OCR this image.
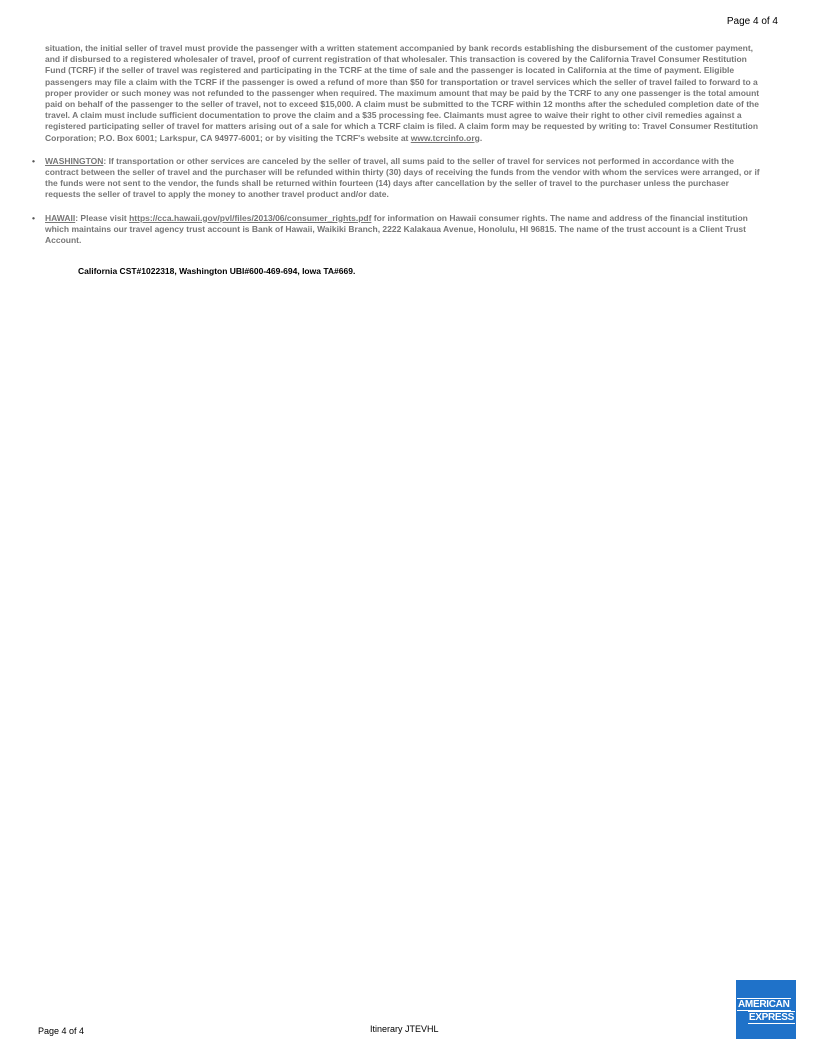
Page 4 of 4

situation, the initial seller of travel must provide the passenger with a written statement accompanied by bank records establishing the disbursement of the customer payment, and if disbursed to a registered wholesaler of travel, proof of current registration of that wholesaler. This transaction is covered by the California Travel Consumer Restitution Fund (TCRF) if the seller of travel was registered and participating in the TCRF at the time of sale and the passenger is located in California at the time of payment. Eligible passengers may file a claim with the TCRF if the passenger is owed a refund of more than $50 for transportation or travel services which the seller of travel failed to forward to a proper provider or such money was not refunded to the passenger when required. The maximum amount that may be paid by the TCRF to any one passenger is the total amount paid on behalf of the passenger to the seller of travel, not to exceed $15,000. A claim must be submitted to the TCRF within 12 months after the scheduled completion date of the travel. A claim must include sufficient documentation to prove the claim and a $35 processing fee. Claimants must agree to waive their right to other civil remedies against a registered participating seller of travel for matters arising out of a sale for which a TCRF claim is filed. A claim form may be requested by writing to: Travel Consumer Restitution Corporation; P.O. Box 6001; Larkspur, CA 94977-6001; or by visiting the TCRF's website at www.tcrcinfo.org.

• WASHINGTON: If transportation or other services are canceled by the seller of travel, all sums paid to the seller of travel for services not performed in accordance with the contract between the seller of travel and the purchaser will be refunded within thirty (30) days of receiving the funds from the vendor with whom the services were arranged, or if the funds were not sent to the vendor, the funds shall be returned within fourteen (14) days after cancellation by the seller of travel to the purchaser unless the purchaser requests the seller of travel to apply the money to another travel product and/or date.
• HAWAII: Please visit https://cca.hawaii.gov/pvl/files/2013/06/consumer_rights.pdf for information on Hawaii consumer rights. The name and address of the financial institution which maintains our travel agency trust account is Bank of Hawaii, Waikiki Branch, 2222 Kalakaua Avenue, Honolulu, HI 96815. The name of the trust account is a Client Trust Account.
California CST#1022318, Washington UBI#600-469-694, Iowa TA#669.
Page 4 of 4	Itinerary JTEVHL
AMERICAN
EXPRESS
